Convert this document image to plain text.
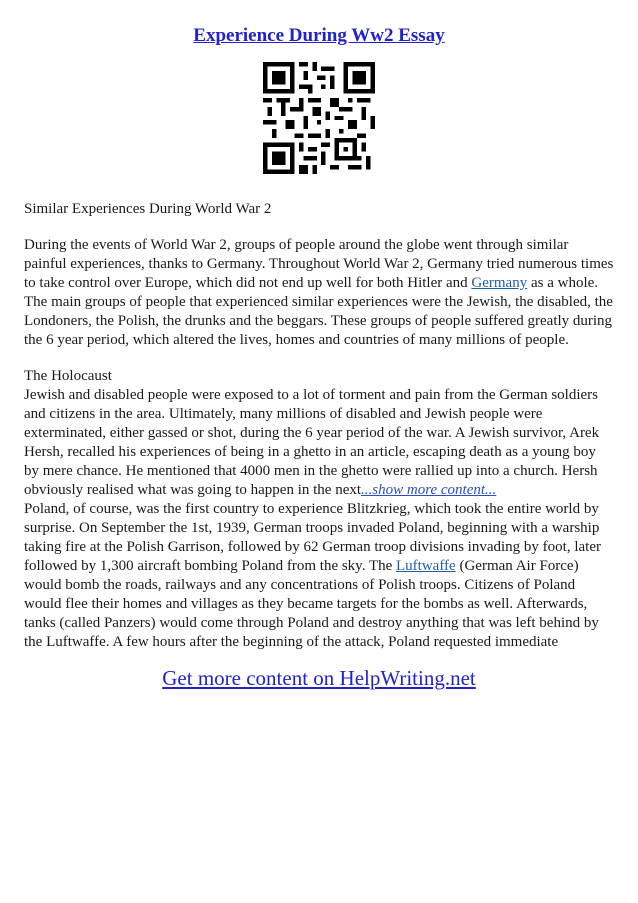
Experience During Ww2 Essay

Similar Experiences During World War 2

During the events of World War 2, groups of people around the globe went through similar painful experiences, thanks to Germany. Throughout World War 2, Germany tried numerous times to take control over Europe, which did not end up well for both Hitler and Germany as a whole. The main groups of people that experienced similar experiences were the Jewish, the disabled, the Londoners, the Polish, the drunks and the beggars. These groups of people suffered greatly during the 6 year period, which altered the lives, homes and countries of many millions of people.

The Holocaust

Jewish and disabled people were exposed to a lot of torment and pain from the German soldiers and citizens in the area. Ultimately, many millions of disabled and Jewish people were exterminated, either gassed or shot, during the 6 year period of the war. A Jewish survivor, Arek Hersh, recalled his experiences of being in a ghetto in an article, escaping death as a young boy by mere chance. He mentioned that 4000 men in the ghetto were rallied up into a church. Hersh obviously realised what was going to happen in the next...show more content...

Poland, of course, was the first country to experience Blitzkrieg, which took the entire world by surprise. On September the 1st, 1939, German troops invaded Poland, beginning with a warship taking fire at the Polish Garrison, followed by 62 German troop divisions invading by foot, later followed by 1,300 aircraft bombing Poland from the sky. The Luftwaffe (German Air Force) would bomb the roads, railways and any concentrations of Polish troops. Citizens of Poland would flee their homes and villages as they became targets for the bombs as well. Afterwards, tanks (called Panzers) would come through Poland and destroy anything that was left behind by the Luftwaffe. A few hours after the beginning of the attack, Poland requested immediate

Get more content on HelpWriting.net
